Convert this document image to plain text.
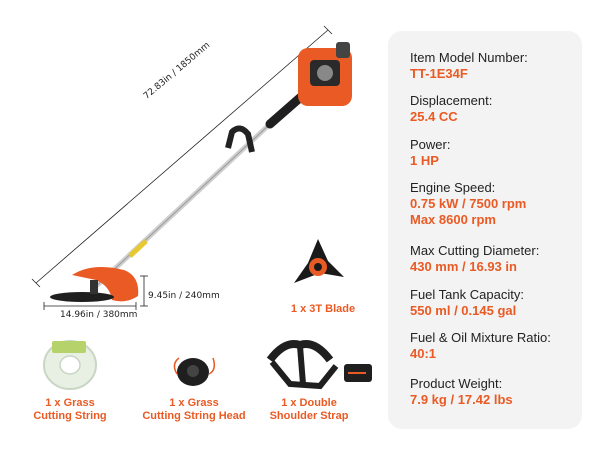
72.83in / 1850mm
9.45in / 240mm
14.96in / 380mm	1 x 3T Blade
1 x Grass
Cutting String
1 x Grass
Cutting String Head
1 x Double
Shoulder Strap
Item Model Number:
TT-1E34F
Displacement:
25.4 CC
Power:
1 HP
Engine Speed:
0.75 kW / 7500 rpm
Max 8600 rpm
Max Cutting Diameter:
430 mm / 16.93 in
Fuel Tank Capacity:
550 ml / 0.145 gal
Fuel & Oil Mixture Ratio:
40:1
Product Weight:
7.9 kg / 17.42 lbs
